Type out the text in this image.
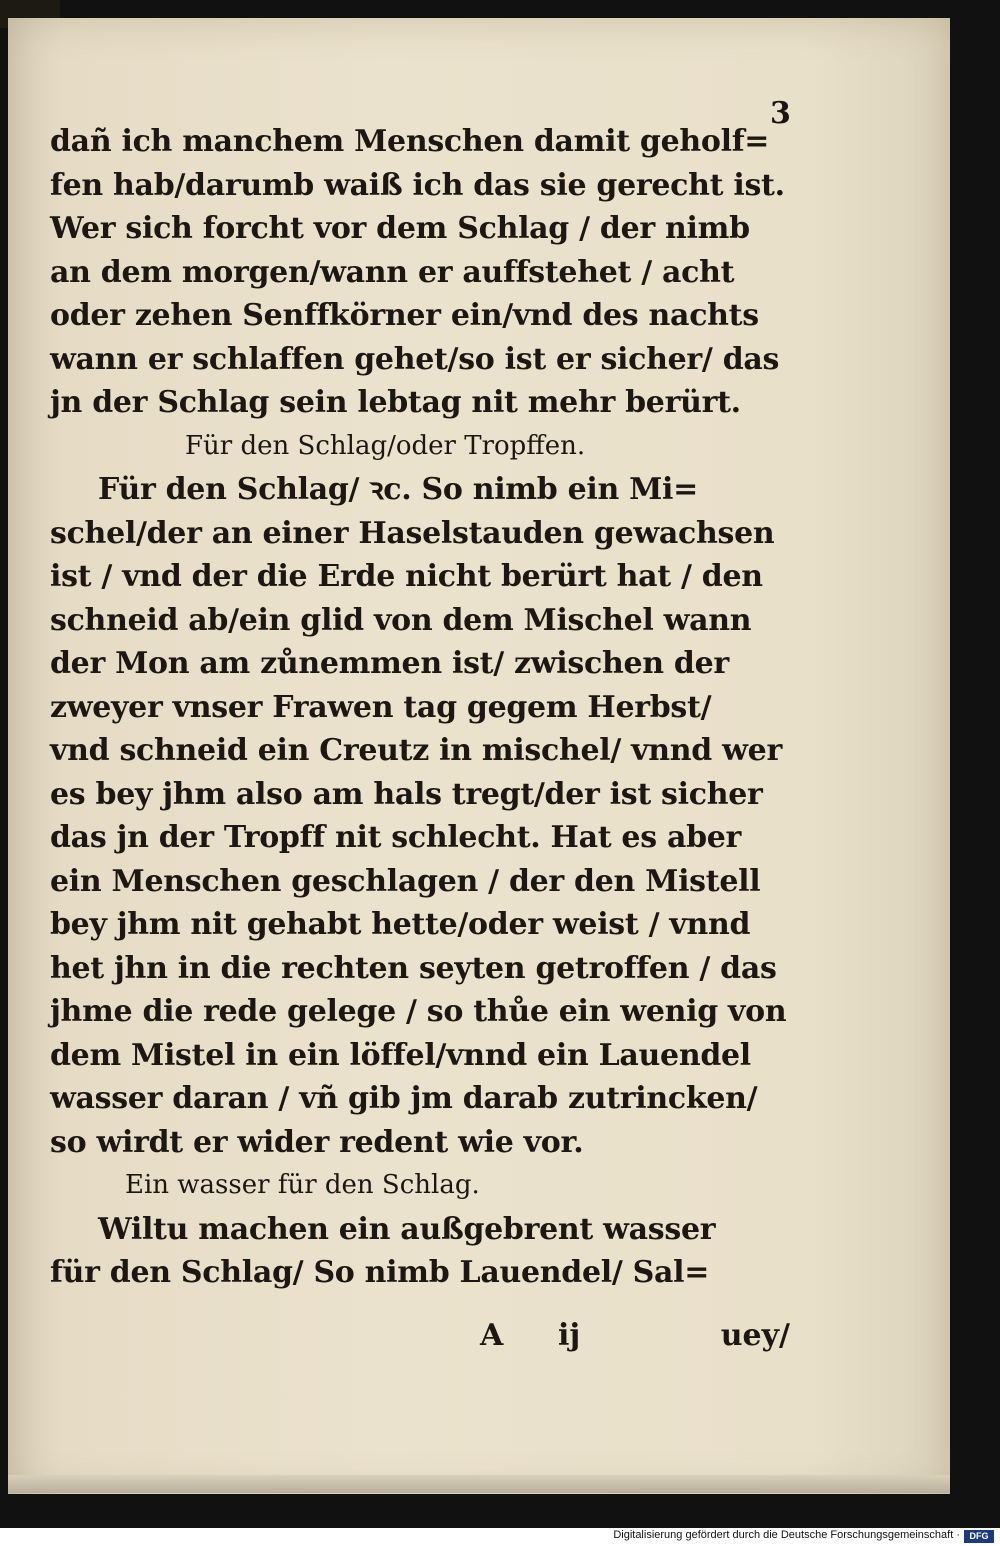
3
dañ ich manchem Menschen damit geholf=
fen hab/darumb waiß ich das sie gerecht ist.
Wer sich forcht vor dem Schlag / der nimb
an dem morgen/wann er auffstehet / acht
oder zehen Senffkörner ein/vnd des nachts
wann er schlaffen gehet/so ist er sicher/ das
jn der Schlag sein lebtag nit mehr berürt.
Für den Schlag/oder Tropffen.
Für den Schlag/ ꝛc. So nimb ein Mi=
schel/der an einer Haselstauden gewachsen
ist / vnd der die Erde nicht berürt hat / den
schneid ab/ein glid von dem Mischel wann
der Mon am zůnemmen ist/ zwischen der
zweyer vnser Frawen tag gegem Herbst/
vnd schneid ein Creutz in mischel/ vnnd wer
es bey jhm also am hals tregt/der ist sicher
das jn der Tropff nit schlecht. Hat es aber
ein Menschen geschlagen / der den Mistell
bey jhm nit gehabt hette/oder weist / vnnd
het jhn in die rechten seyten getroffen / das
jhme die rede gelege / so thůe ein wenig von
dem Mistel in ein löffel/vnnd ein Lauendel
wasser daran / vñ gib jm darab zutrincken/
so wirdt er wider redent wie vor.
Ein wasser für den Schlag.
Wiltu machen ein außgebrent wasser
für den Schlag/ So nimb Lauendel/ Sal=
A ij	uey/
Digitalisierung gefördert durch die Deutsche Forschungsgemeinschaft ·	DFG
